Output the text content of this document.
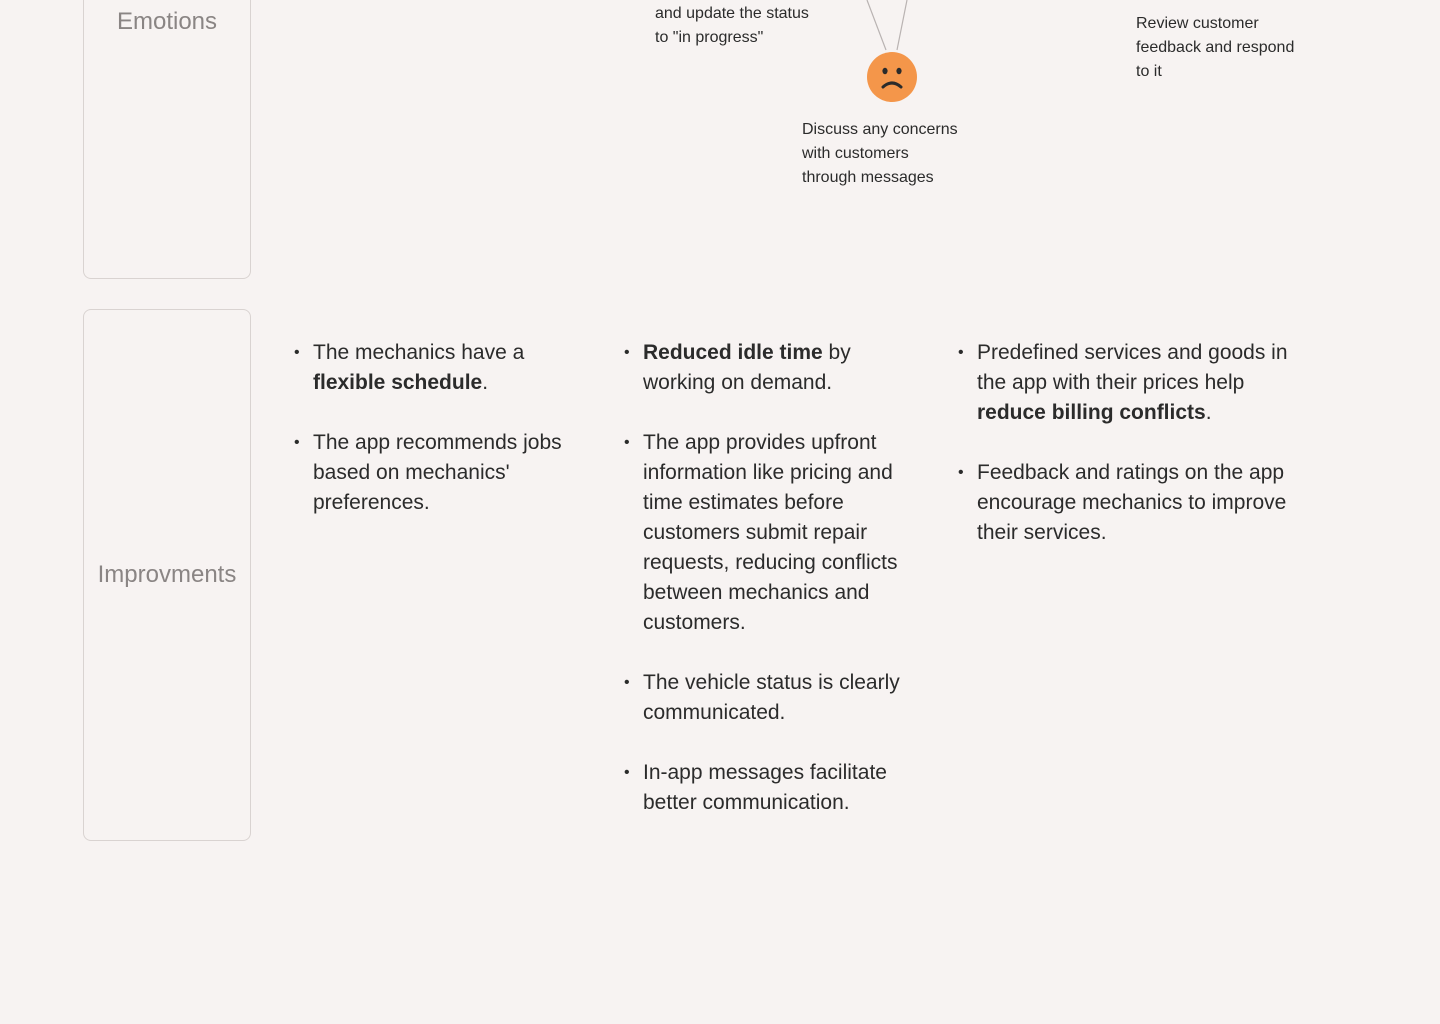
Emotions
Improvments
and update the status
to "in progress"
Review customer
feedback and respond
to it
Discuss any concerns
with customers
through messages
• The mechanics have a flexible schedule.
• The app recommends jobs based on mechanics' preferences.
• Reduced idle time by working on demand.
• The app provides upfront information like pricing and time estimates before customers submit repair requests, reducing conflicts between mechanics and customers.
• The vehicle status is clearly communicated.
• In-app messages facilitate better communication.
• Predefined services and goods in the app with their prices help reduce billing conflicts.
• Feedback and ratings on the app encourage mechanics to improve their services.
